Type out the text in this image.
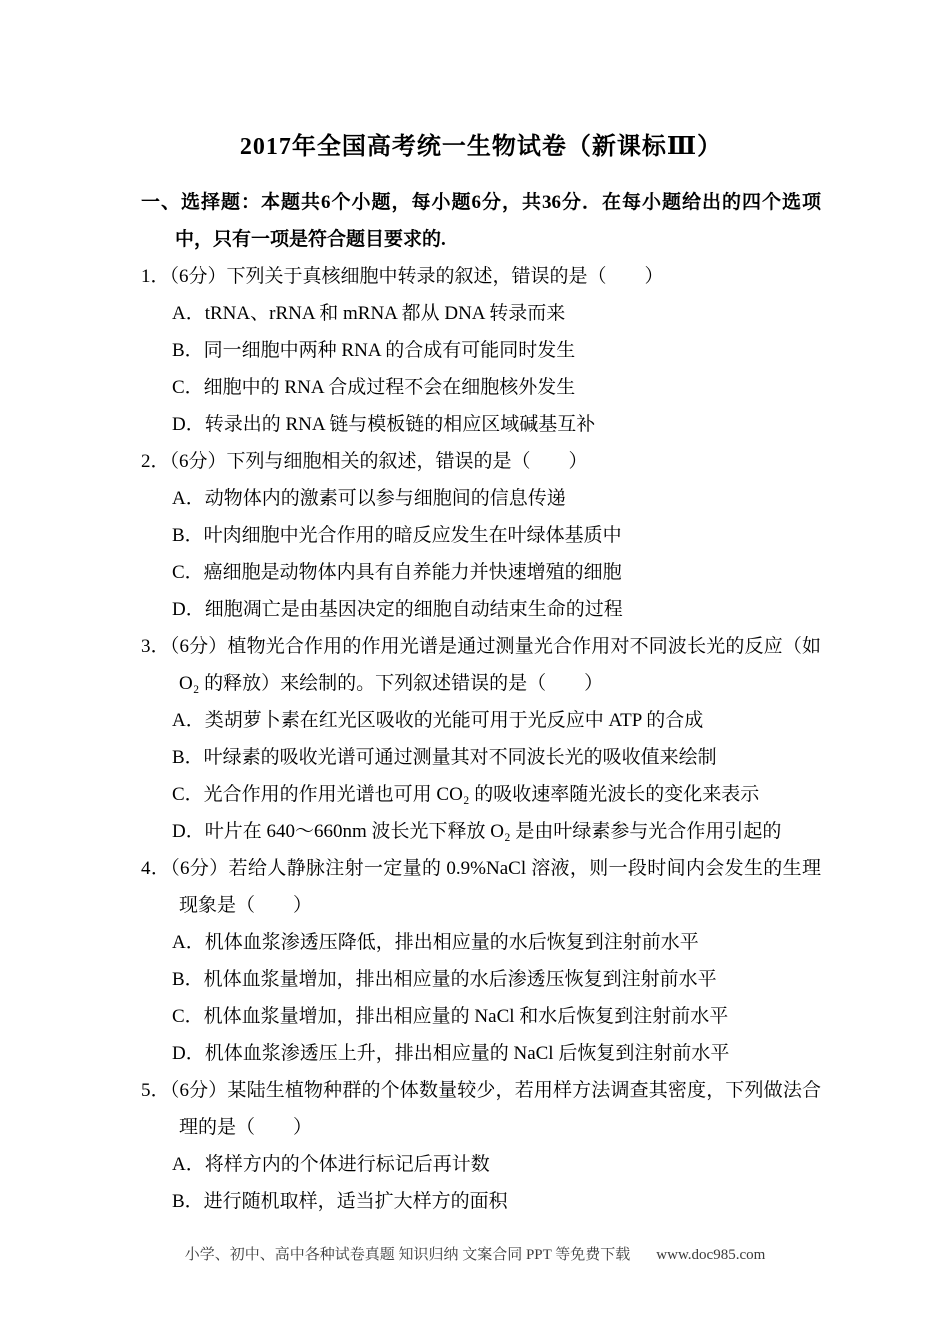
2017年全国高考统一生物试卷（新课标Ⅲ）

一、选择题：本题共6个小题，每小题6分，共36分．在每小题给出的四个选项中，只有一项是符合题目要求的.

1．（6分）下列关于真核细胞中转录的叙述，错误的是（　　）

A．tRNA、rRNA 和 mRNA 都从 DNA 转录而来

B．同一细胞中两种 RNA 的合成有可能同时发生

C．细胞中的 RNA 合成过程不会在细胞核外发生

D．转录出的 RNA 链与模板链的相应区域碱基互补

2．（6分）下列与细胞相关的叙述，错误的是（　　）

A．动物体内的激素可以参与细胞间的信息传递

B．叶肉细胞中光合作用的暗反应发生在叶绿体基质中

C．癌细胞是动物体内具有自养能力并快速增殖的细胞

D．细胞凋亡是由基因决定的细胞自动结束生命的过程

3．（6分）植物光合作用的作用光谱是通过测量光合作用对不同波长光的反应（如 O₂ 的释放）来绘制的。下列叙述错误的是（　　）

A．类胡萝卜素在红光区吸收的光能可用于光反应中 ATP 的合成

B．叶绿素的吸收光谱可通过测量其对不同波长光的吸收值来绘制

C．光合作用的作用光谱也可用 CO₂ 的吸收速率随光波长的变化来表示

D．叶片在 640～660nm 波长光下释放 O₂ 是由叶绿素参与光合作用引起的

4．（6分）若给人静脉注射一定量的 0.9%NaCl 溶液，则一段时间内会发生的生理现象是（　　）

A．机体血浆渗透压降低，排出相应量的水后恢复到注射前水平

B．机体血浆量增加，排出相应量的水后渗透压恢复到注射前水平

C．机体血浆量增加，排出相应量的 NaCl 和水后恢复到注射前水平

D．机体血浆渗透压上升，排出相应量的 NaCl 后恢复到注射前水平

5．（6分）某陆生植物种群的个体数量较少，若用样方法调查其密度，下列做法合理的是（　　）

A．将样方内的个体进行标记后再计数

B．进行随机取样，适当扩大样方的面积

小学、初中、高中各种试卷真题 知识归纳 文案合同 PPT 等免费下载 www.doc985.com
